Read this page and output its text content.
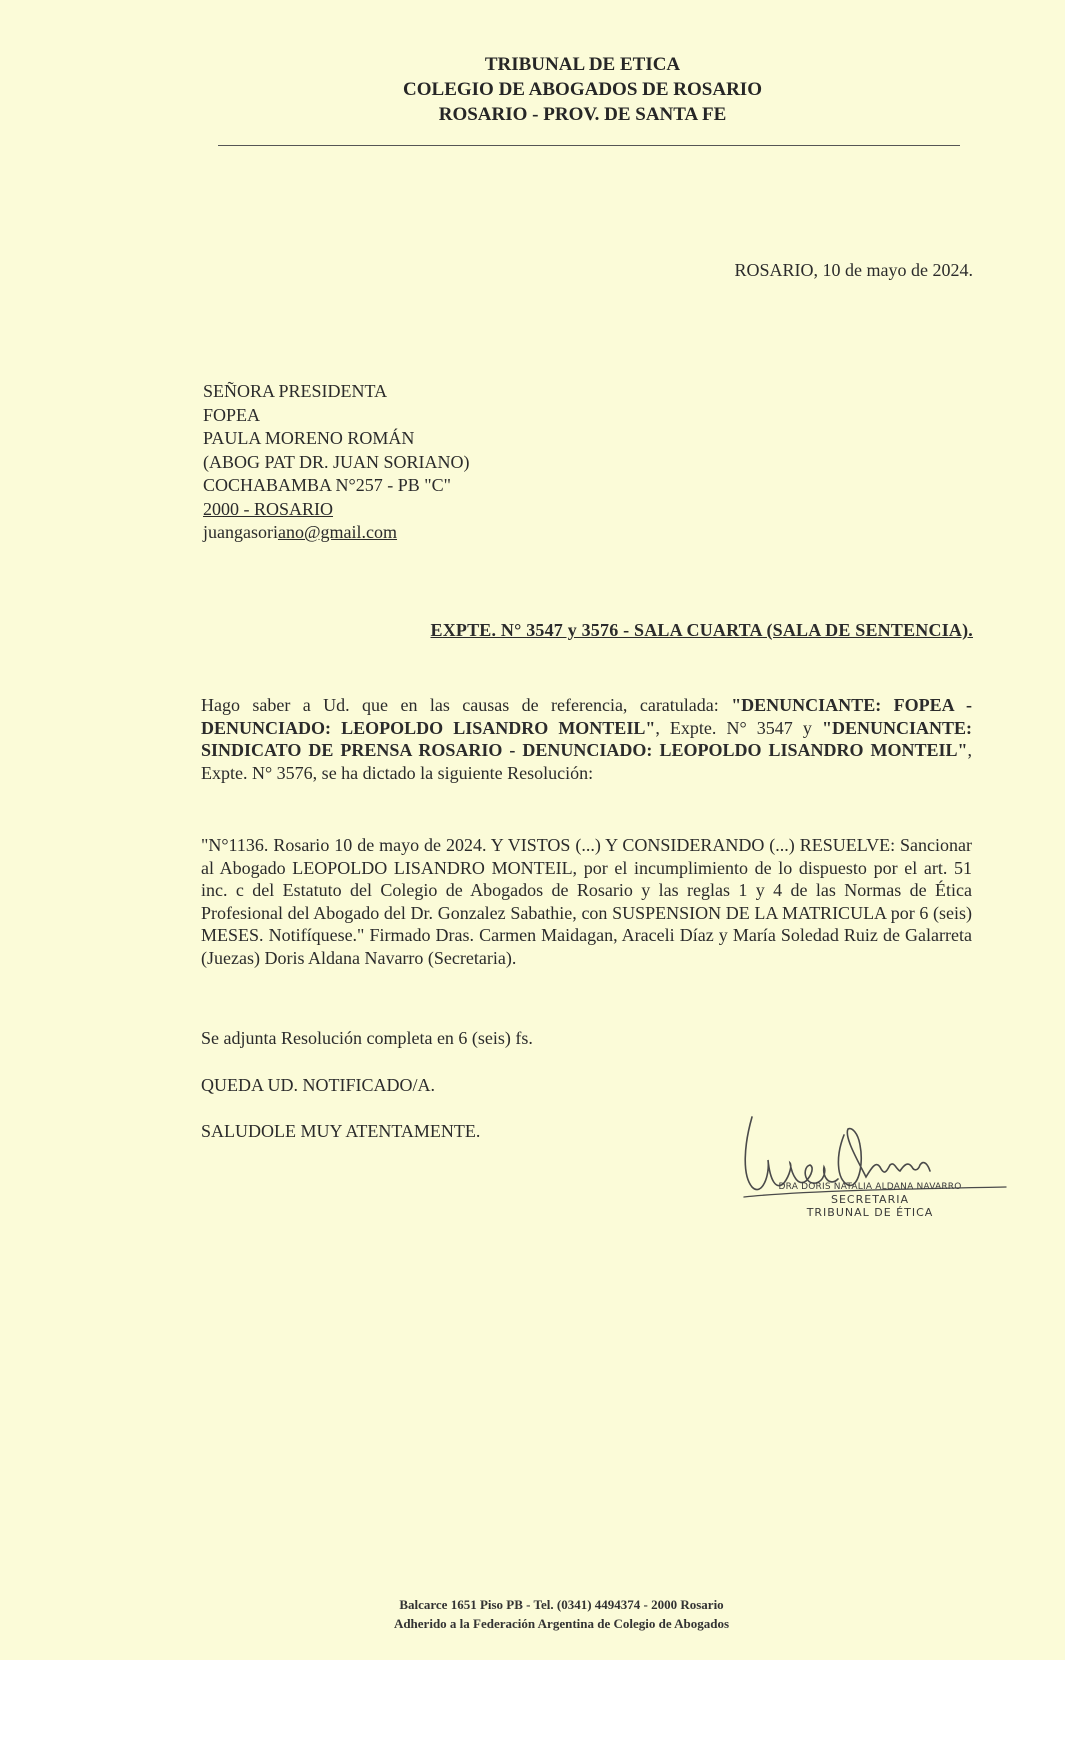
TRIBUNAL DE ETICA
COLEGIO DE ABOGADOS DE ROSARIO
ROSARIO - PROV. DE SANTA FE
ROSARIO, 10 de mayo de 2024.
SEÑORA PRESIDENTA
FOPEA
PAULA MORENO ROMÁN
(ABOG PAT DR. JUAN SORIANO)
COCHABAMBA N°257 - PB "C"
2000 - ROSARIO
juangasoriano@gmail.com
EXPTE. N° 3547 y 3576 - SALA CUARTA (SALA DE SENTENCIA).
Hago saber a Ud. que en las causas de referencia, caratulada: "DENUNCIANTE: FOPEA - DENUNCIADO: LEOPOLDO LISANDRO MONTEIL", Expte. N° 3547 y "DENUNCIANTE: SINDICATO DE PRENSA ROSARIO - DENUNCIADO: LEOPOLDO LISANDRO MONTEIL", Expte. N° 3576, se ha dictado la siguiente Resolución:
"N°1136. Rosario 10 de mayo de 2024. Y VISTOS (...) Y CONSIDERANDO (...) RESUELVE: Sancionar al Abogado LEOPOLDO LISANDRO MONTEIL, por el incumplimiento de lo dispuesto por el art. 51 inc. c del Estatuto del Colegio de Abogados de Rosario y las reglas 1 y 4 de las Normas de Ética Profesional del Abogado del Dr. Gonzalez Sabathie, con SUSPENSION DE LA MATRICULA por 6 (seis) MESES. Notifíquese." Firmado Dras. Carmen Maidagan, Araceli Díaz y María Soledad Ruiz de Galarreta (Juezas) Doris Aldana Navarro (Secretaria).
Se adjunta Resolución completa en 6 (seis) fs.
QUEDA UD. NOTIFICADO/A.
SALUDOLE MUY ATENTAMENTE.
DRA DORIS NATALIA ALDANA NAVARRO
SECRETARIA
TRIBUNAL DE ÉTICA
Balcarce 1651 Piso PB - Tel. (0341) 4494374 - 2000 Rosario
Adherido a la Federación Argentina de Colegio de Abogados
